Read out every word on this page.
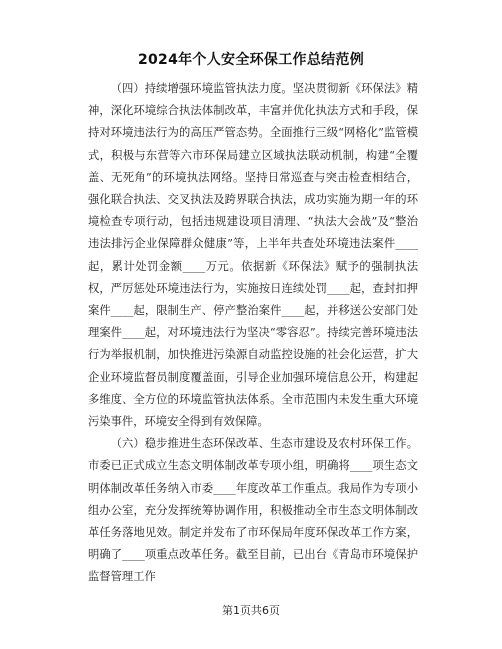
2024年个人安全环保工作总结范例

（四）持续增强环境监管执法力度。坚决贯彻新《环保法》精神，深化环境综合执法体制改革，丰富并优化执法方式和手段，保持对环境违法行为的高压严管态势。全面推行三级“网格化”监管模式，积极与东营等六市环保局建立区域执法联动机制，构建“全覆盖、无死角”的环境执法网络。坚持日常巡查与突击检查相结合，强化联合执法、交叉执法及跨界联合执法，成功实施为期一年的环境检查专项行动，包括违规建设项目清理、“执法大会战”及“整治违法排污企业保障群众健康”等，上半年共查处环境违法案件____起，累计处罚金额____万元。依据新《环保法》赋予的强制执法权，严厉惩处环境违法行为，实施按日连续处罚____起，查封扣押案件____起，限制生产、停产整治案件____起，并移送公安部门处理案件____起，对环境违法行为坚决“零容忍”。持续完善环境违法行为举报机制，加快推进污染源自动监控设施的社会化运营，扩大企业环境监督员制度覆盖面，引导企业加强环境信息公开，构建起多维度、全方位的环境监管执法体系。全市范围内未发生重大环境污染事件，环境安全得到有效保障。

（六）稳步推进生态环保改革、生态市建设及农村环保工作。市委已正式成立生态文明体制改革专项小组，明确将____项生态文明体制改革任务纳入市委____年度改革工作重点。我局作为专项小组办公室，充分发挥统筹协调作用，积极推动全市生态文明体制改革任务落地见效。制定并发布了市环保局年度环保改革工作方案，明确了____项重点改革任务。截至目前，已出台《青岛市环境保护监督管理工作

第1页共6页
